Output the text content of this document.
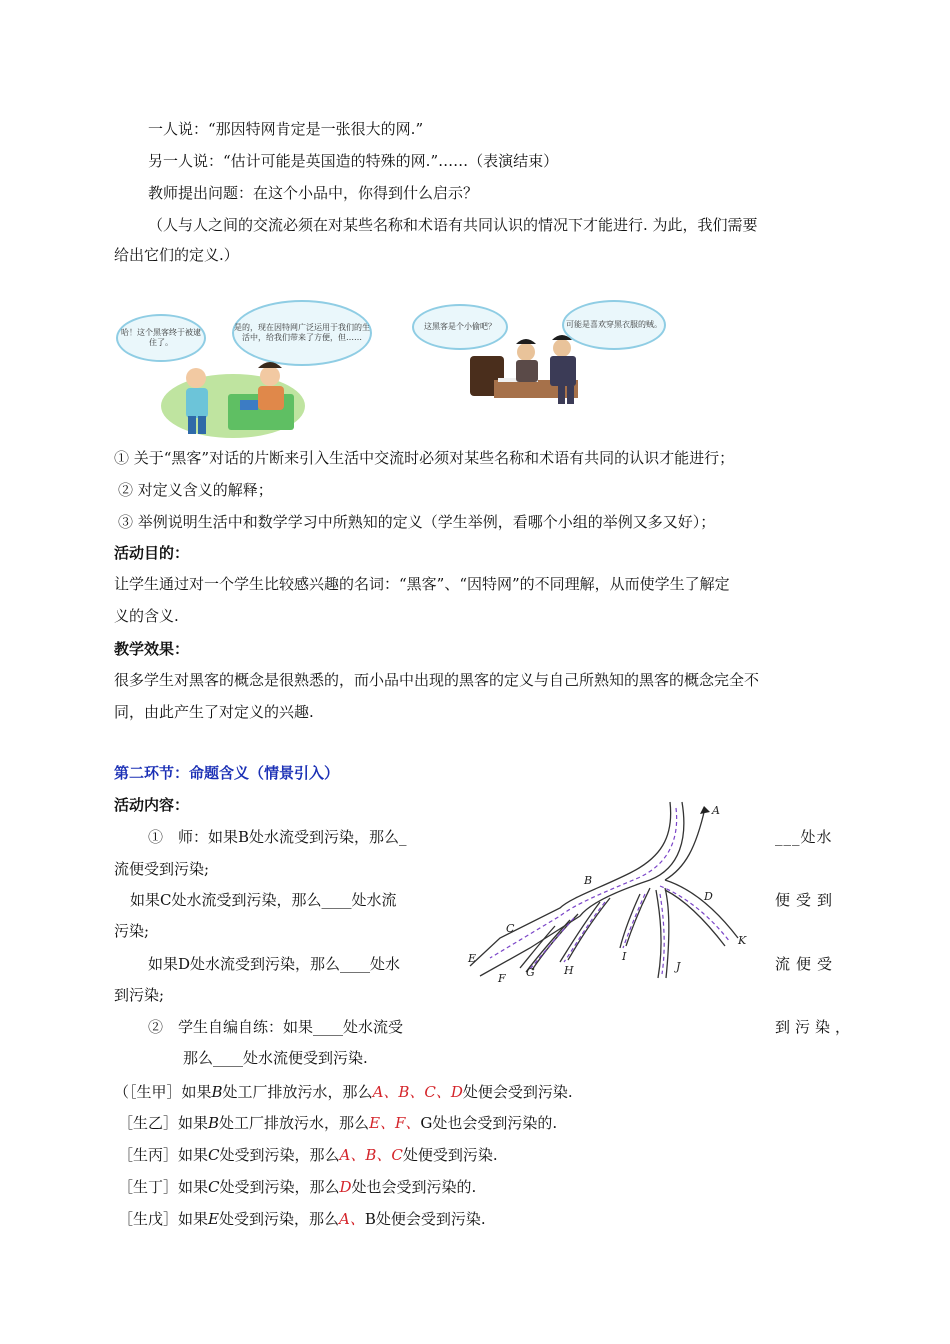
一人说：“那因特网肯定是一张很大的网.”
另一人说：“估计可能是英国造的特殊的网.”……（表演结束）
教师提出问题：在这个小品中，你得到什么启示？
（人与人之间的交流必须在对某些名称和术语有共同认识的情况下才能进行. 为此，我们需要
给出它们的定义.）
哈！这个黑客终于被逮住了。
是的，现在因特网广泛运用于我们的生活中，给我们带来了方便，但……
这黑客是个小偷吧？	可能是喜欢穿黑衣服的贼。
① 关于“黑客”对话的片断来引入生活中交流时必须对某些名称和术语有共同的认识才能进行；
② 对定义含义的解释；
③ 举例说明生活中和数学学习中所熟知的定义（学生举例，看哪个小组的举例又多又好）；
活动目的：
让学生通过对一个学生比较感兴趣的名词：“黑客”、“因特网”的不同理解，从而使学生了解定
义的含义.
教学效果：
很多学生对黑客的概念是很熟悉的，而小品中出现的黑客的定义与自己所熟知的黑客的概念完全不
同，由此产生了对定义的兴趣.
第二环节：命题含义（情景引入）
活动内容：
①　师：如果B处水流受到污染，那么_	___处水
流便受到污染;
如果C处水流受到污染，那么____处水流	便受到
污染;
如果D处水流受到污染，那么____处水	流便受
到污染;
②　学生自编自练：如果____处水流受	到污染，
那么____处水流便受到污染.
A
B
C
D
E
F G	H
I
J
K
（［生甲］如果B处工厂排放污水，那么A、B、C、D处便会受到污染.
［生乙］如果B处工厂排放污水，那么E、F、G处也会受到污染的.
［生丙］如果C处受到污染，那么A、B、C处便受到污染.
［生丁］如果C处受到污染，那么D处也会受到污染的.
［生戊］如果E处受到污染，那么A、B处便会受到污染.
